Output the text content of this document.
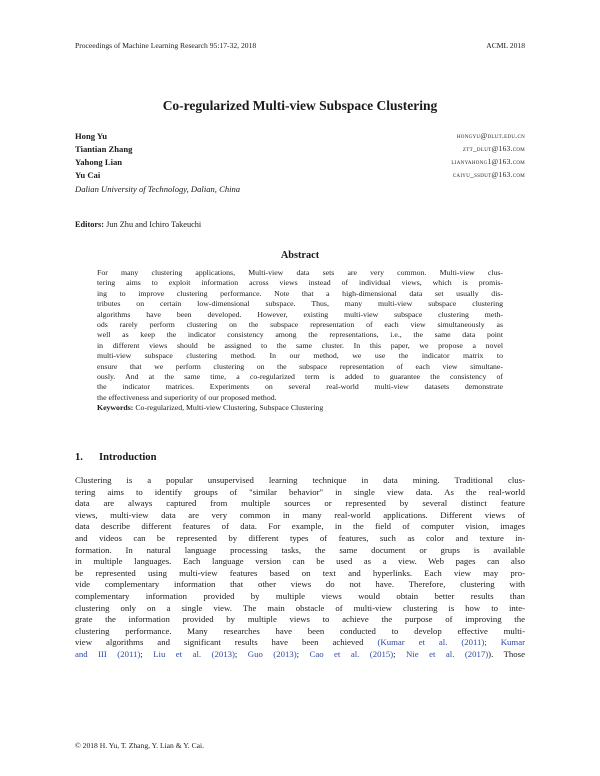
Proceedings of Machine Learning Research 95:17-32, 2018	ACML 2018
Co-regularized Multi-view Subspace Clustering
Hong Yu	hongyu@dlut.edu.cn
Tiantian Zhang	ztt_dlut@163.com
Yahong Lian	lianyahong1@163.com
Yu Cai	caiyu_ssdut@163.com
Dalian University of Technology, Dalian, China
Editors: Jun Zhu and Ichiro Takeuchi
Abstract
For many clustering applications, Multi-view data sets are very common. Multi-view clus-
tering aims to exploit information across views instead of individual views, which is promis-
ing to improve clustering performance. Note that a high-dimensional data set usually dis-
tributes on certain low-dimensional subspace. Thus, many multi-view subspace clustering
algorithms have been developed. However, existing multi-view subspace clustering meth-
ods rarely perform clustering on the subspace representation of each view simultaneously as
well as keep the indicator consistency among the representations, i.e., the same data point
in different views should be assigned to the same cluster. In this paper, we propose a novel
multi-view subspace clustering method. In our method, we use the indicator matrix to
ensure that we perform clustering on the subspace representation of each view simultane-
ously. And at the same time, a co-regularized term is added to guarantee the consistency of
the indicator matrices. Experiments on several real-world multi-view datasets demonstrate
the effectiveness and superiority of our proposed method.
Keywords: Co-regularized, Multi-view Clustering, Subspace Clustering
1. Introduction
Clustering is a popular unsupervised learning technique in data mining. Traditional clus-
tering aims to identify groups of "similar behavior" in single view data. As the real-world
data are always captured from multiple sources or represented by several distinct feature
views, multi-view data are very common in many real-world applications. Different views of
data describe different features of data. For example, in the field of computer vision, images
and videos can be represented by different types of features, such as color and texture in-
formation. In natural language processing tasks, the same document or grups is available
in multiple languages. Each language version can be used as a view. Web pages can also
be represented using multi-view features based on text and hyperlinks. Each view may pro-
vide complementary information that other views do not have. Therefore, clustering with
complementary information provided by multiple views would obtain better results than
clustering only on a single view. The main obstacle of multi-view clustering is how to inte-
grate the information provided by multiple views to achieve the purpose of improving the
clustering performance. Many researches have been conducted to develop effective multi-
view algorithms and significant results have been achieved (Kumar et al. (2011); Kumar
and III (2011); Liu et al. (2013); Guo (2013); Cao et al. (2015); Nie et al. (2017)). Those
© 2018 H. Yu, T. Zhang, Y. Lian & Y. Cai.
